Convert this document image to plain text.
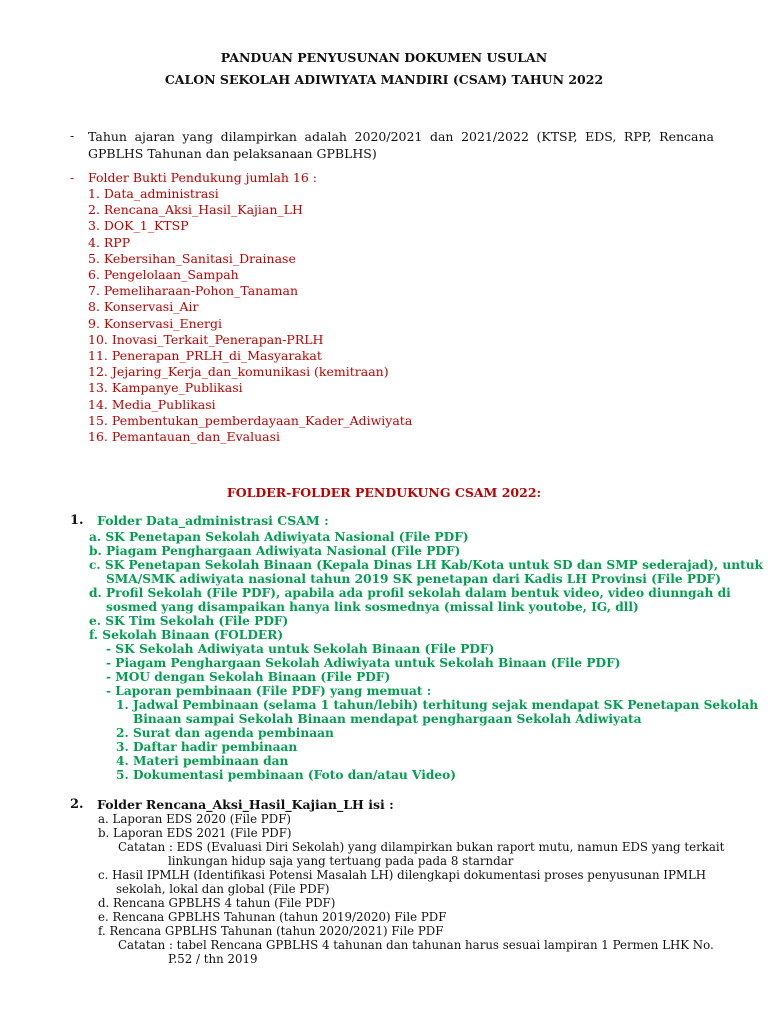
PANDUAN PENYUSUNAN DOKUMEN USULAN
CALON SEKOLAH ADIWIYATA MANDIRI (CSAM) TAHUN 2022
- Tahun ajaran yang dilampirkan adalah 2020/2021 dan 2021/2022 (KTSP, EDS, RPP, Rencana GPBLHS Tahunan dan pelaksanaan GPBLHS)
- Folder Bukti Pendukung jumlah 16 :
1. Data_administrasi
2. Rencana_Aksi_Hasil_Kajian_LH
3. DOK_1_KTSP
4. RPP
5. Kebersihan_Sanitasi_Drainase
6. Pengelolaan_Sampah
7. Pemeliharaan-Pohon_Tanaman
8. Konservasi_Air
9. Konservasi_Energi
10. Inovasi_Terkait_Penerapan-PRLH
11. Penerapan_PRLH_di_Masyarakat
12. Jejaring_Kerja_dan_komunikasi (kemitraan)
13. Kampanye_Publikasi
14. Media_Publikasi
15. Pembentukan_pemberdayaan_Kader_Adiwiyata
16. Pemantauan_dan_Evaluasi
FOLDER-FOLDER PENDUKUNG CSAM 2022:
1. Folder Data_administrasi CSAM :
a. SK Penetapan Sekolah Adiwiyata Nasional (File PDF)
b. Piagam Penghargaan Adiwiyata Nasional (File PDF)
c. SK Penetapan Sekolah Binaan (Kepala Dinas LH Kab/Kota untuk SD dan SMP sederajad), untuk
SMA/SMK adiwiyata nasional tahun 2019 SK penetapan dari Kadis LH Provinsi (File PDF)
d. Profil Sekolah (File PDF), apabila ada profil sekolah dalam bentuk video, video diunngah di
sosmed yang disampaikan hanya link sosmednya (missal link youtobe, IG, dll)
e. SK Tim Sekolah (File PDF)
f. Sekolah Binaan (FOLDER)
- SK Sekolah Adiwiyata untuk Sekolah Binaan (File PDF)
- Piagam Penghargaan Sekolah Adiwiyata untuk Sekolah Binaan (File PDF)
- MOU dengan Sekolah Binaan (File PDF)
- Laporan pembinaan (File PDF) yang memuat :
1. Jadwal Pembinaan (selama 1 tahun/lebih) terhitung sejak mendapat SK Penetapan Sekolah
Binaan sampai Sekolah Binaan mendapat penghargaan Sekolah Adiwiyata
2. Surat dan agenda pembinaan
3. Daftar hadir pembinaan
4. Materi pembinaan dan
5. Dokumentasi pembinaan (Foto dan/atau Video)
2. Folder Rencana_Aksi_Hasil_Kajian_LH isi :
a. Laporan EDS 2020 (File PDF)
b. Laporan EDS 2021 (File PDF)
Catatan : EDS (Evaluasi Diri Sekolah) yang dilampirkan bukan raport mutu, namun EDS yang terkait
linkungan hidup saja yang tertuang pada pada 8 starndar
c. Hasil IPMLH (Identifikasi Potensi Masalah LH) dilengkapi dokumentasi proses penyusunan IPMLH
sekolah, lokal dan global (File PDF)
d. Rencana GPBLHS 4 tahun (File PDF)
e. Rencana GPBLHS Tahunan (tahun 2019/2020) File PDF
f. Rencana GPBLHS Tahunan (tahun 2020/2021) File PDF
Catatan : tabel Rencana GPBLHS 4 tahunan dan tahunan harus sesuai lampiran 1 Permen LHK No.
P.52 / thn 2019
